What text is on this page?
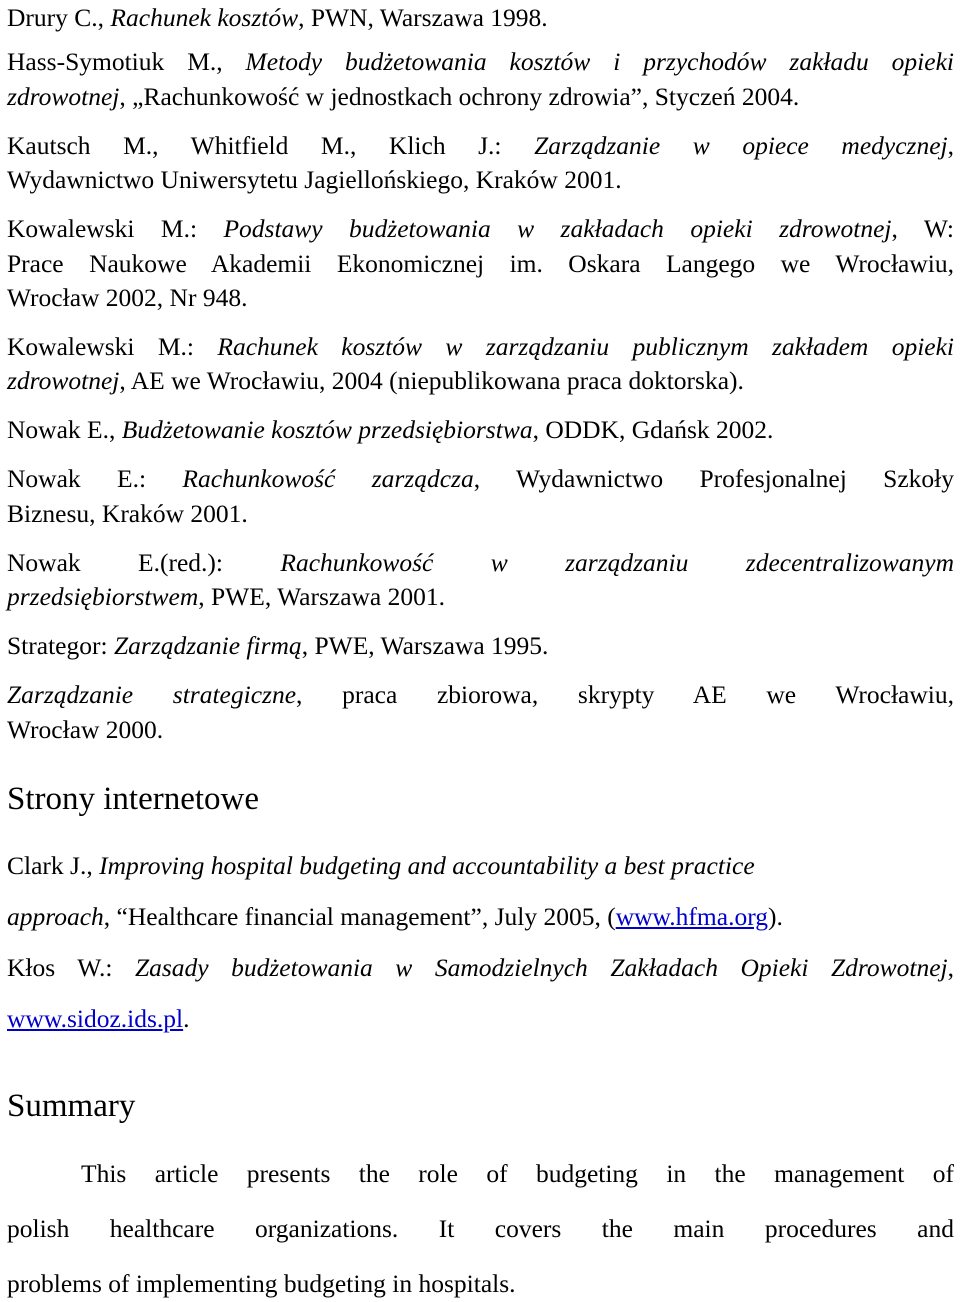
Drury C., Rachunek kosztów, PWN, Warszawa 1998.
Hass-Symotiuk M., Metody budżetowania kosztów i przychodów zakładu opieki
zdrowotnej, „Rachunkowość w jednostkach ochrony zdrowia”, Styczeń 2004.
Kautsch M., Whitfield M., Klich J.: Zarządzanie w opiece medycznej,
Wydawnictwo Uniwersytetu Jagiellońskiego, Kraków 2001.
Kowalewski M.: Podstawy budżetowania w zakładach opieki zdrowotnej, W:
Prace Naukowe Akademii Ekonomicznej im. Oskara Langego we Wrocławiu,
Wrocław 2002, Nr 948.
Kowalewski M.: Rachunek kosztów w zarządzaniu publicznym zakładem opieki
zdrowotnej, AE we Wrocławiu, 2004 (niepublikowana praca doktorska).
Nowak E., Budżetowanie kosztów przedsiębiorstwa, ODDK, Gdańsk 2002.
Nowak E.: Rachunkowość zarządcza, Wydawnictwo Profesjonalnej Szkoły
Biznesu, Kraków 2001.
Nowak E.(red.): Rachunkowość w zarządzaniu zdecentralizowanym
przedsiębiorstwem, PWE, Warszawa 2001.
Strategor: Zarządzanie firmą, PWE, Warszawa 1995.
Zarządzanie strategiczne, praca zbiorowa, skrypty AE we Wrocławiu,
Wrocław 2000.
Strony internetowe
Clark J., Improving hospital budgeting and accountability a best practice
approach, “Healthcare financial management”, July 2005, (www.hfma.org).
Kłos W.: Zasady budżetowania w Samodzielnych Zakładach Opieki Zdrowotnej,
www.sidoz.ids.pl.
Summary
This article presents the role of budgeting in the management of
polish healthcare organizations. It covers the main procedures and
problems of implementing budgeting in hospitals.
